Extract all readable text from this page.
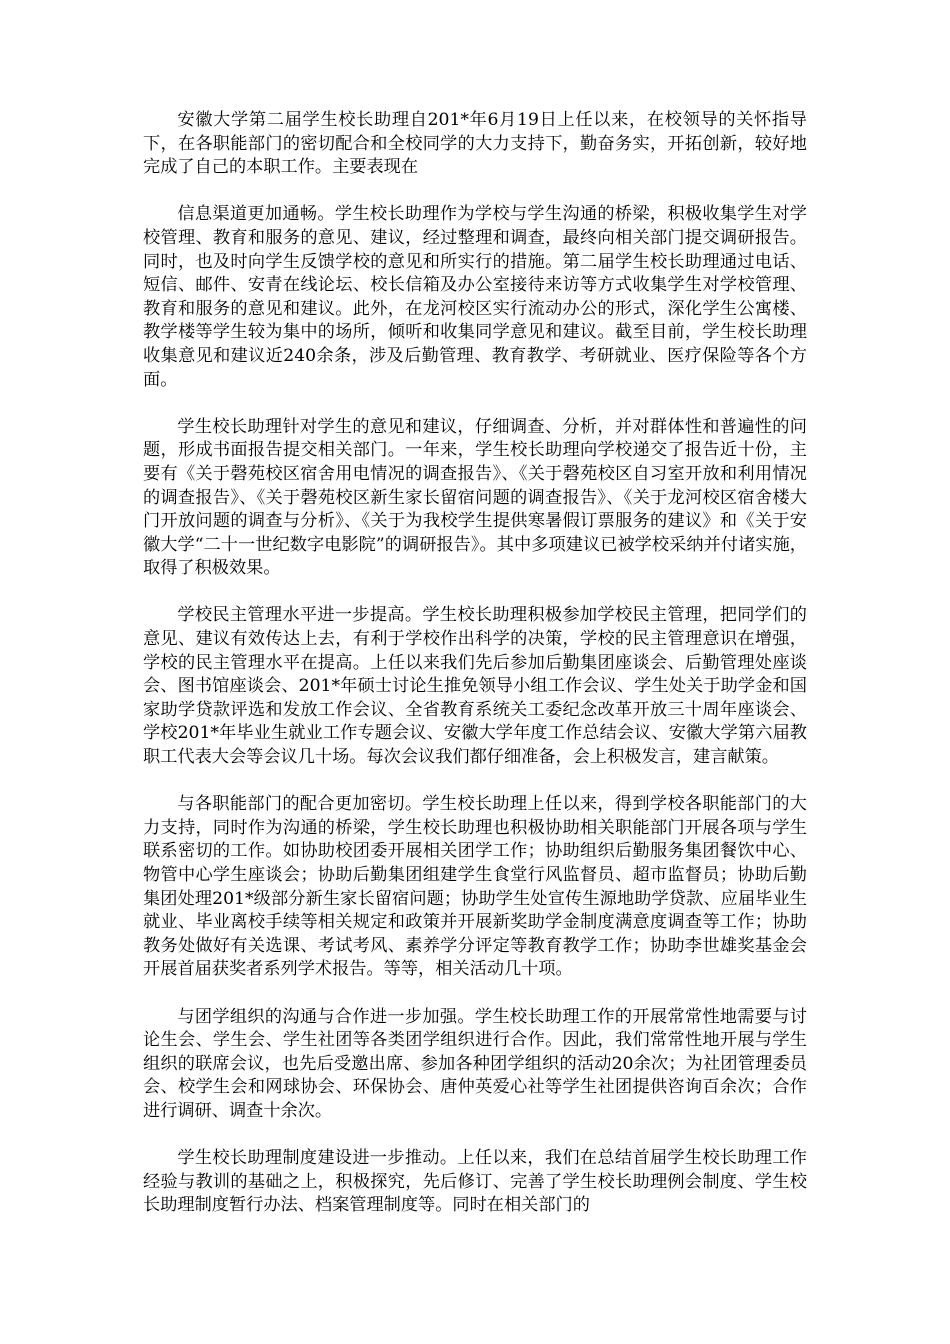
安徽大学第二届学生校长助理自201*年6月19日上任以来，在校领导的关怀指导下，在各职能部门的密切配合和全校同学的大力支持下，勤奋务实，开拓创新，较好地完成了自己的本职工作。主要表现在

信息渠道更加通畅。学生校长助理作为学校与学生沟通的桥梁，积极收集学生对学校管理、教育和服务的意见、建议，经过整理和调查，最终向相关部门提交调研报告。同时，也及时向学生反馈学校的意见和所实行的措施。第二届学生校长助理通过电话、短信、邮件、安青在线论坛、校长信箱及办公室接待来访等方式收集学生对学校管理、教育和服务的意见和建议。此外，在龙河校区实行流动办公的形式，深化学生公寓楼、教学楼等学生较为集中的场所，倾听和收集同学意见和建议。截至目前，学生校长助理收集意见和建议近240余条，涉及后勤管理、教育教学、考研就业、医疗保险等各个方面。

学生校长助理针对学生的意见和建议，仔细调查、分析，并对群体性和普遍性的问题，形成书面报告提交相关部门。一年来，学生校长助理向学校递交了报告近十份，主要有《关于磬苑校区宿舍用电情况的调查报告》、《关于磬苑校区自习室开放和利用情况的调查报告》、《关于磬苑校区新生家长留宿问题的调查报告》、《关于龙河校区宿舍楼大门开放问题的调查与分析》、《关于为我校学生提供寒暑假订票服务的建议》和《关于安徽大学“二十一世纪数字电影院”的调研报告》。其中多项建议已被学校采纳并付诸实施，取得了积极效果。

学校民主管理水平进一步提高。学生校长助理积极参加学校民主管理，把同学们的意见、建议有效传达上去，有利于学校作出科学的决策，学校的民主管理意识在增强，学校的民主管理水平在提高。上任以来我们先后参加后勤集团座谈会、后勤管理处座谈会、图书馆座谈会、201*年硕士讨论生推免领导小组工作会议、学生处关于助学金和国家助学贷款评选和发放工作会议、全省教育系统关工委纪念改革开放三十周年座谈会、学校201*年毕业生就业工作专题会议、安徽大学年度工作总结会议、安徽大学第六届教职工代表大会等会议几十场。每次会议我们都仔细准备，会上积极发言，建言献策。

与各职能部门的配合更加密切。学生校长助理上任以来，得到学校各职能部门的大力支持，同时作为沟通的桥梁，学生校长助理也积极协助相关职能部门开展各项与学生联系密切的工作。如协助校团委开展相关团学工作；协助组织后勤服务集团餐饮中心、物管中心学生座谈会；协助后勤集团组建学生食堂行风监督员、超市监督员；协助后勤集团处理201*级部分新生家长留宿问题；协助学生处宣传生源地助学贷款、应届毕业生就业、毕业离校手续等相关规定和政策并开展新奖助学金制度满意度调查等工作；协助教务处做好有关选课、考试考风、素养学分评定等教育教学工作；协助李世雄奖基金会开展首届获奖者系列学术报告。等等，相关活动几十项。

与团学组织的沟通与合作进一步加强。学生校长助理工作的开展常常性地需要与讨论生会、学生会、学生社团等各类团学组织进行合作。因此，我们常常性地开展与学生组织的联席会议，也先后受邀出席、参加各种团学组织的活动20余次；为社团管理委员会、校学生会和网球协会、环保协会、唐仲英爱心社等学生社团提供咨询百余次；合作进行调研、调查十余次。

学生校长助理制度建设进一步推动。上任以来，我们在总结首届学生校长助理工作经验与教训的基础之上，积极探究，先后修订、完善了学生校长助理例会制度、学生校长助理制度暂行办法、档案管理制度等。同时在相关部门的
